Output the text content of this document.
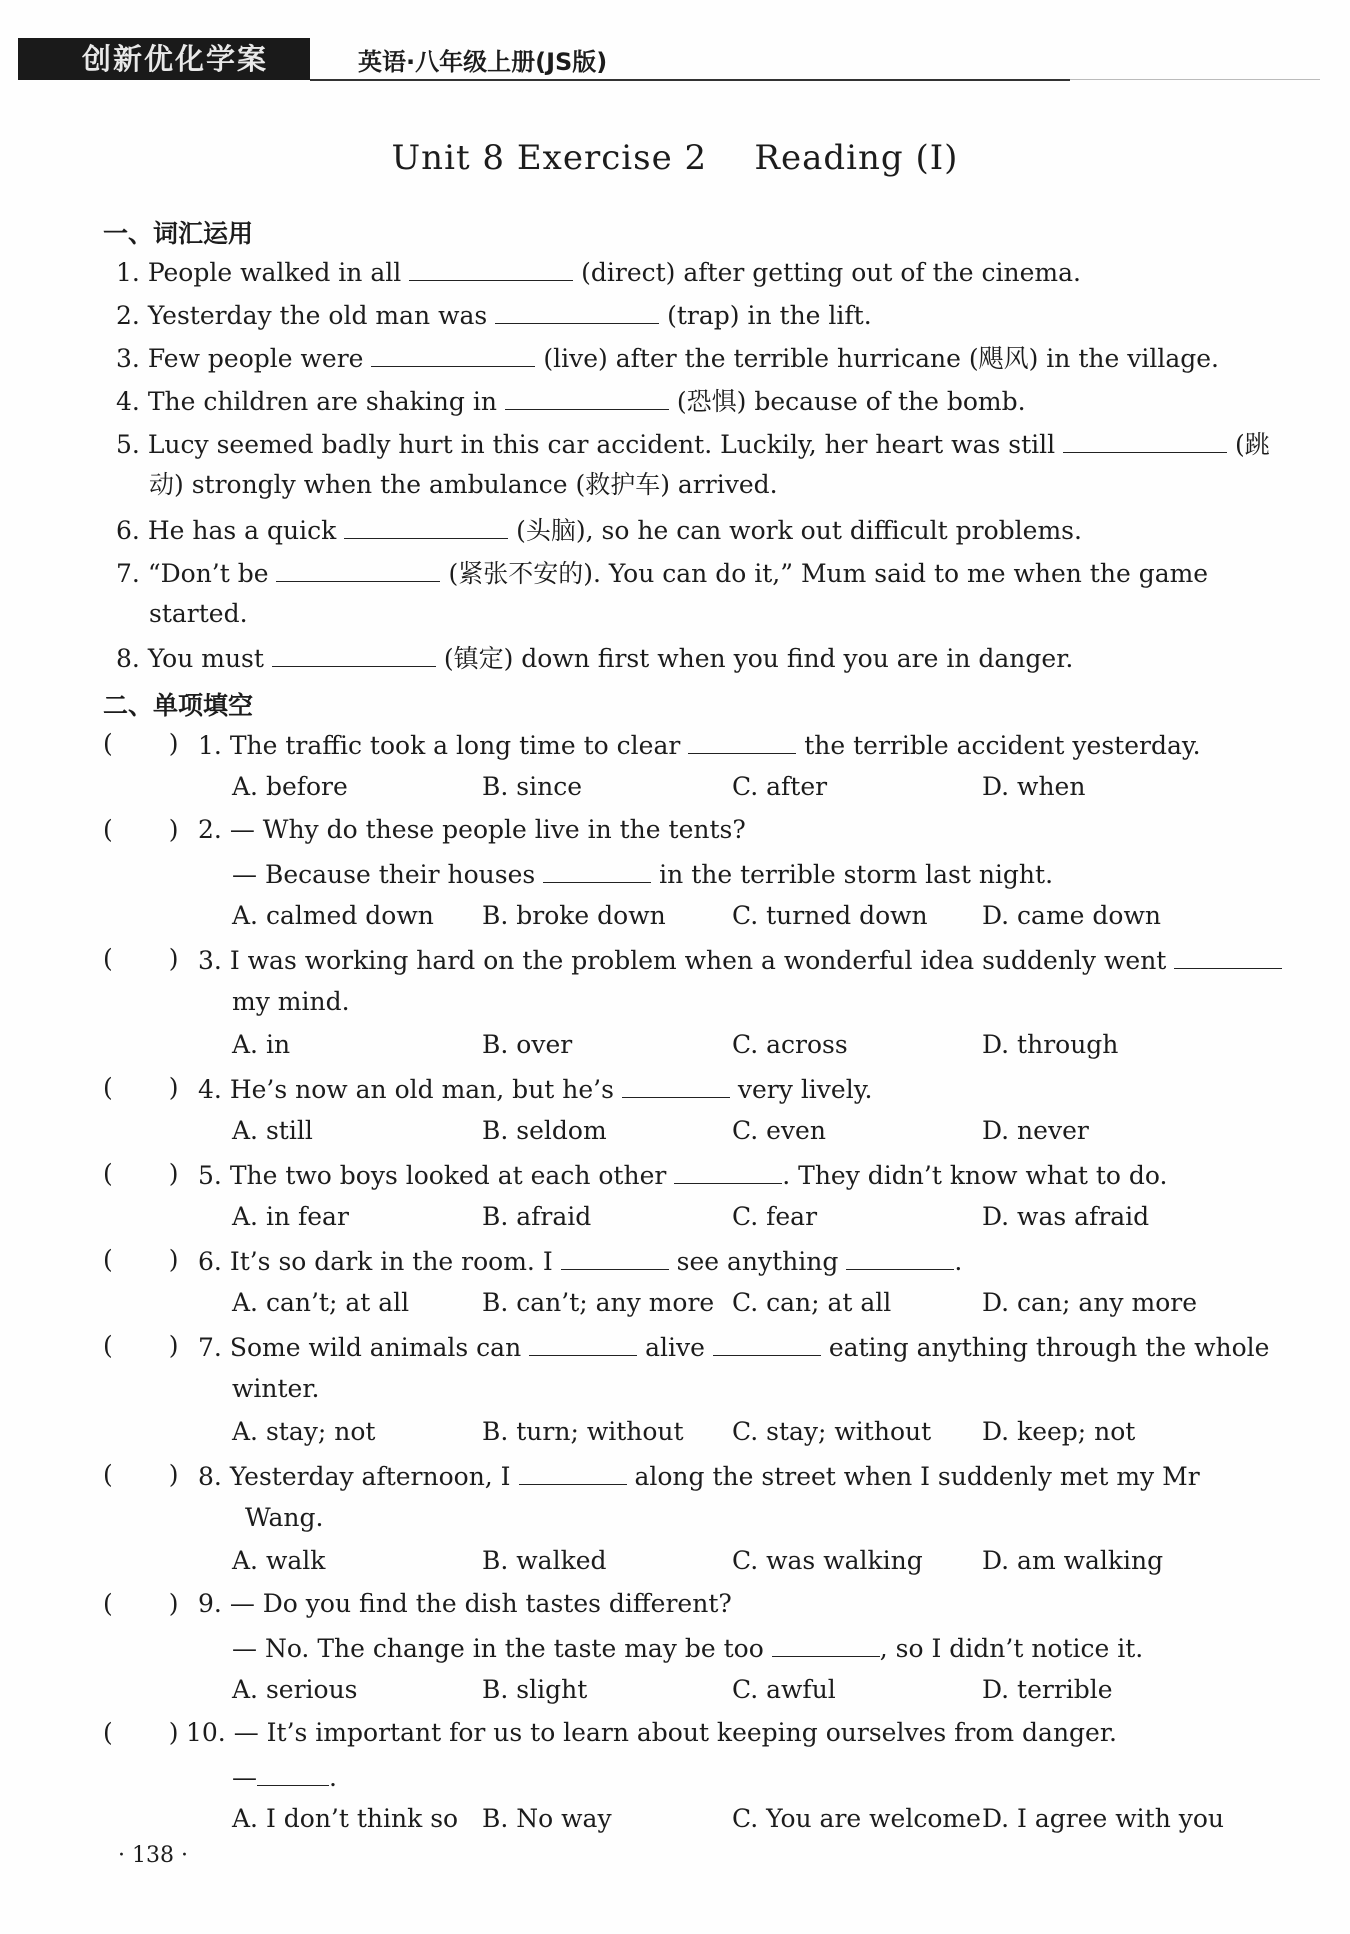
创新优化学案	英语·八年级上册(JS版)
Unit 8 Exercise 2    Reading (Ⅰ)
一、词汇运用
1. People walked in all	(direct) after getting out of the cinema.
2. Yesterday the old man was	(trap) in the lift.
3. Few people were	(live) after the terrible hurricane (飓风) in the village.
4. The children are shaking in	(恐惧) because of the bomb.
5. Lucy seemed badly hurt in this car accident. Luckily, her heart was still	(跳
动) strongly when the ambulance (救护车) arrived.
6. He has a quick	(头脑), so he can work out difficult problems.
7. “Don’t be	(紧张不安的). You can do it,” Mum said to me when the game
started.
8. You must	(镇定) down first when you find you are in danger.
二、单项填空
( ) 1. The traffic took a long time to clear	the terrible accident yesterday.
A. before	B. since	C. after	D. when
( ) 2. — Why do these people live in the tents?
— Because their houses	in the terrible storm last night.
A. calmed down B. broke down	C. turned down D. came down
( ) 3. I was working hard on the problem when a wonderful idea suddenly went
my mind.
A. in	B. over	C. across	D. through
( ) 4. He’s now an old man, but he’s	very lively.
A. still	B. seldom	C. even	D. never
( ) 5. The two boys looked at each other	. They didn’t know what to do.
A. in fear	B. afraid	C. fear	D. was afraid
( ) 6. It’s so dark in the room. I	see anything	.
A. can’t; at all	B. can’t; any more C. can; at all	D. can; any more
( ) 7. Some wild animals can	alive	eating anything through the whole
winter.
A. stay; not	B. turn; without C. stay; without D. keep; not
( ) 8. Yesterday afternoon, I	along the street when I suddenly met my Mr
Wang.
A. walk	B. walked	C. was walking D. am walking
( ) 9. — Do you find the dish tastes different?
— No. The change in the taste may be too	, so I didn’t notice it.
A. serious	B. slight	C. awful	D. terrible
( ) 10. — It’s important for us to learn about keeping ourselves from danger.
—	.
A. I don’t think so B. No way	C. You are welcome D. I agree with you
· 138 ·
